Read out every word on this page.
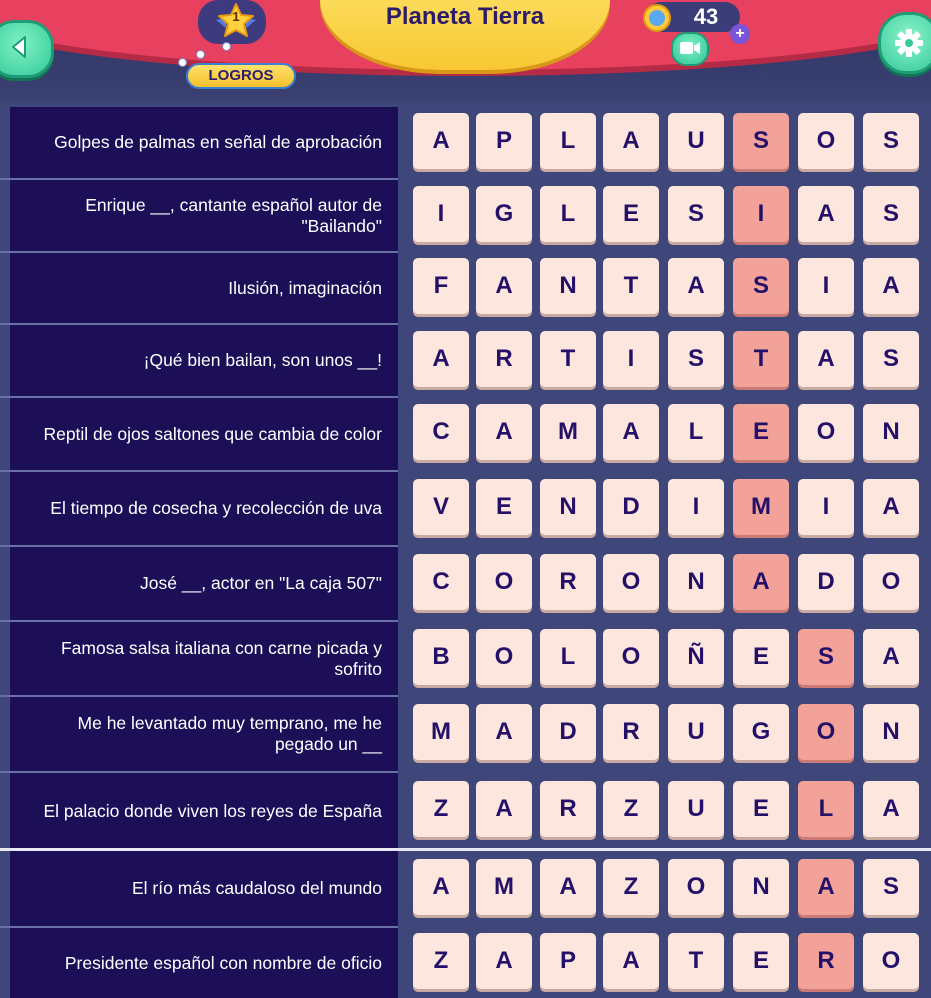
Planeta Tierra
1
LOGROS
43
+
Golpes de palmas en señal de aprobación	A	P	L	A	U	S	O	S
Enrique __, cantante español autor de "Bailando"	I	G	L	E	S	I	A	S
Ilusión, imaginación	F	A	N	T	A	S	I	A
¡Qué bien bailan, son unos __!	A	R	T	I	S	T	A	S
Reptil de ojos saltones que cambia de color	C	A	M	A	L	E	O	N
El tiempo de cosecha y recolección de uva	V	E	N	D	I	M	I	A
José __, actor en "La caja 507"	C	O	R	O	N	A	D	O
Famosa salsa italiana con carne picada y sofrito	B	O	L	O	Ñ	E	S	A
Me he levantado muy temprano, me he pegado un __	M	A	D	R	U	G	O	N
El palacio donde viven los reyes de España	Z	A	R	Z	U	E	L	A
El río más caudaloso del mundo	A	M	A	Z	O	N	A	S
Presidente español con nombre de oficio	Z	A	P	A	T	E	R	O
